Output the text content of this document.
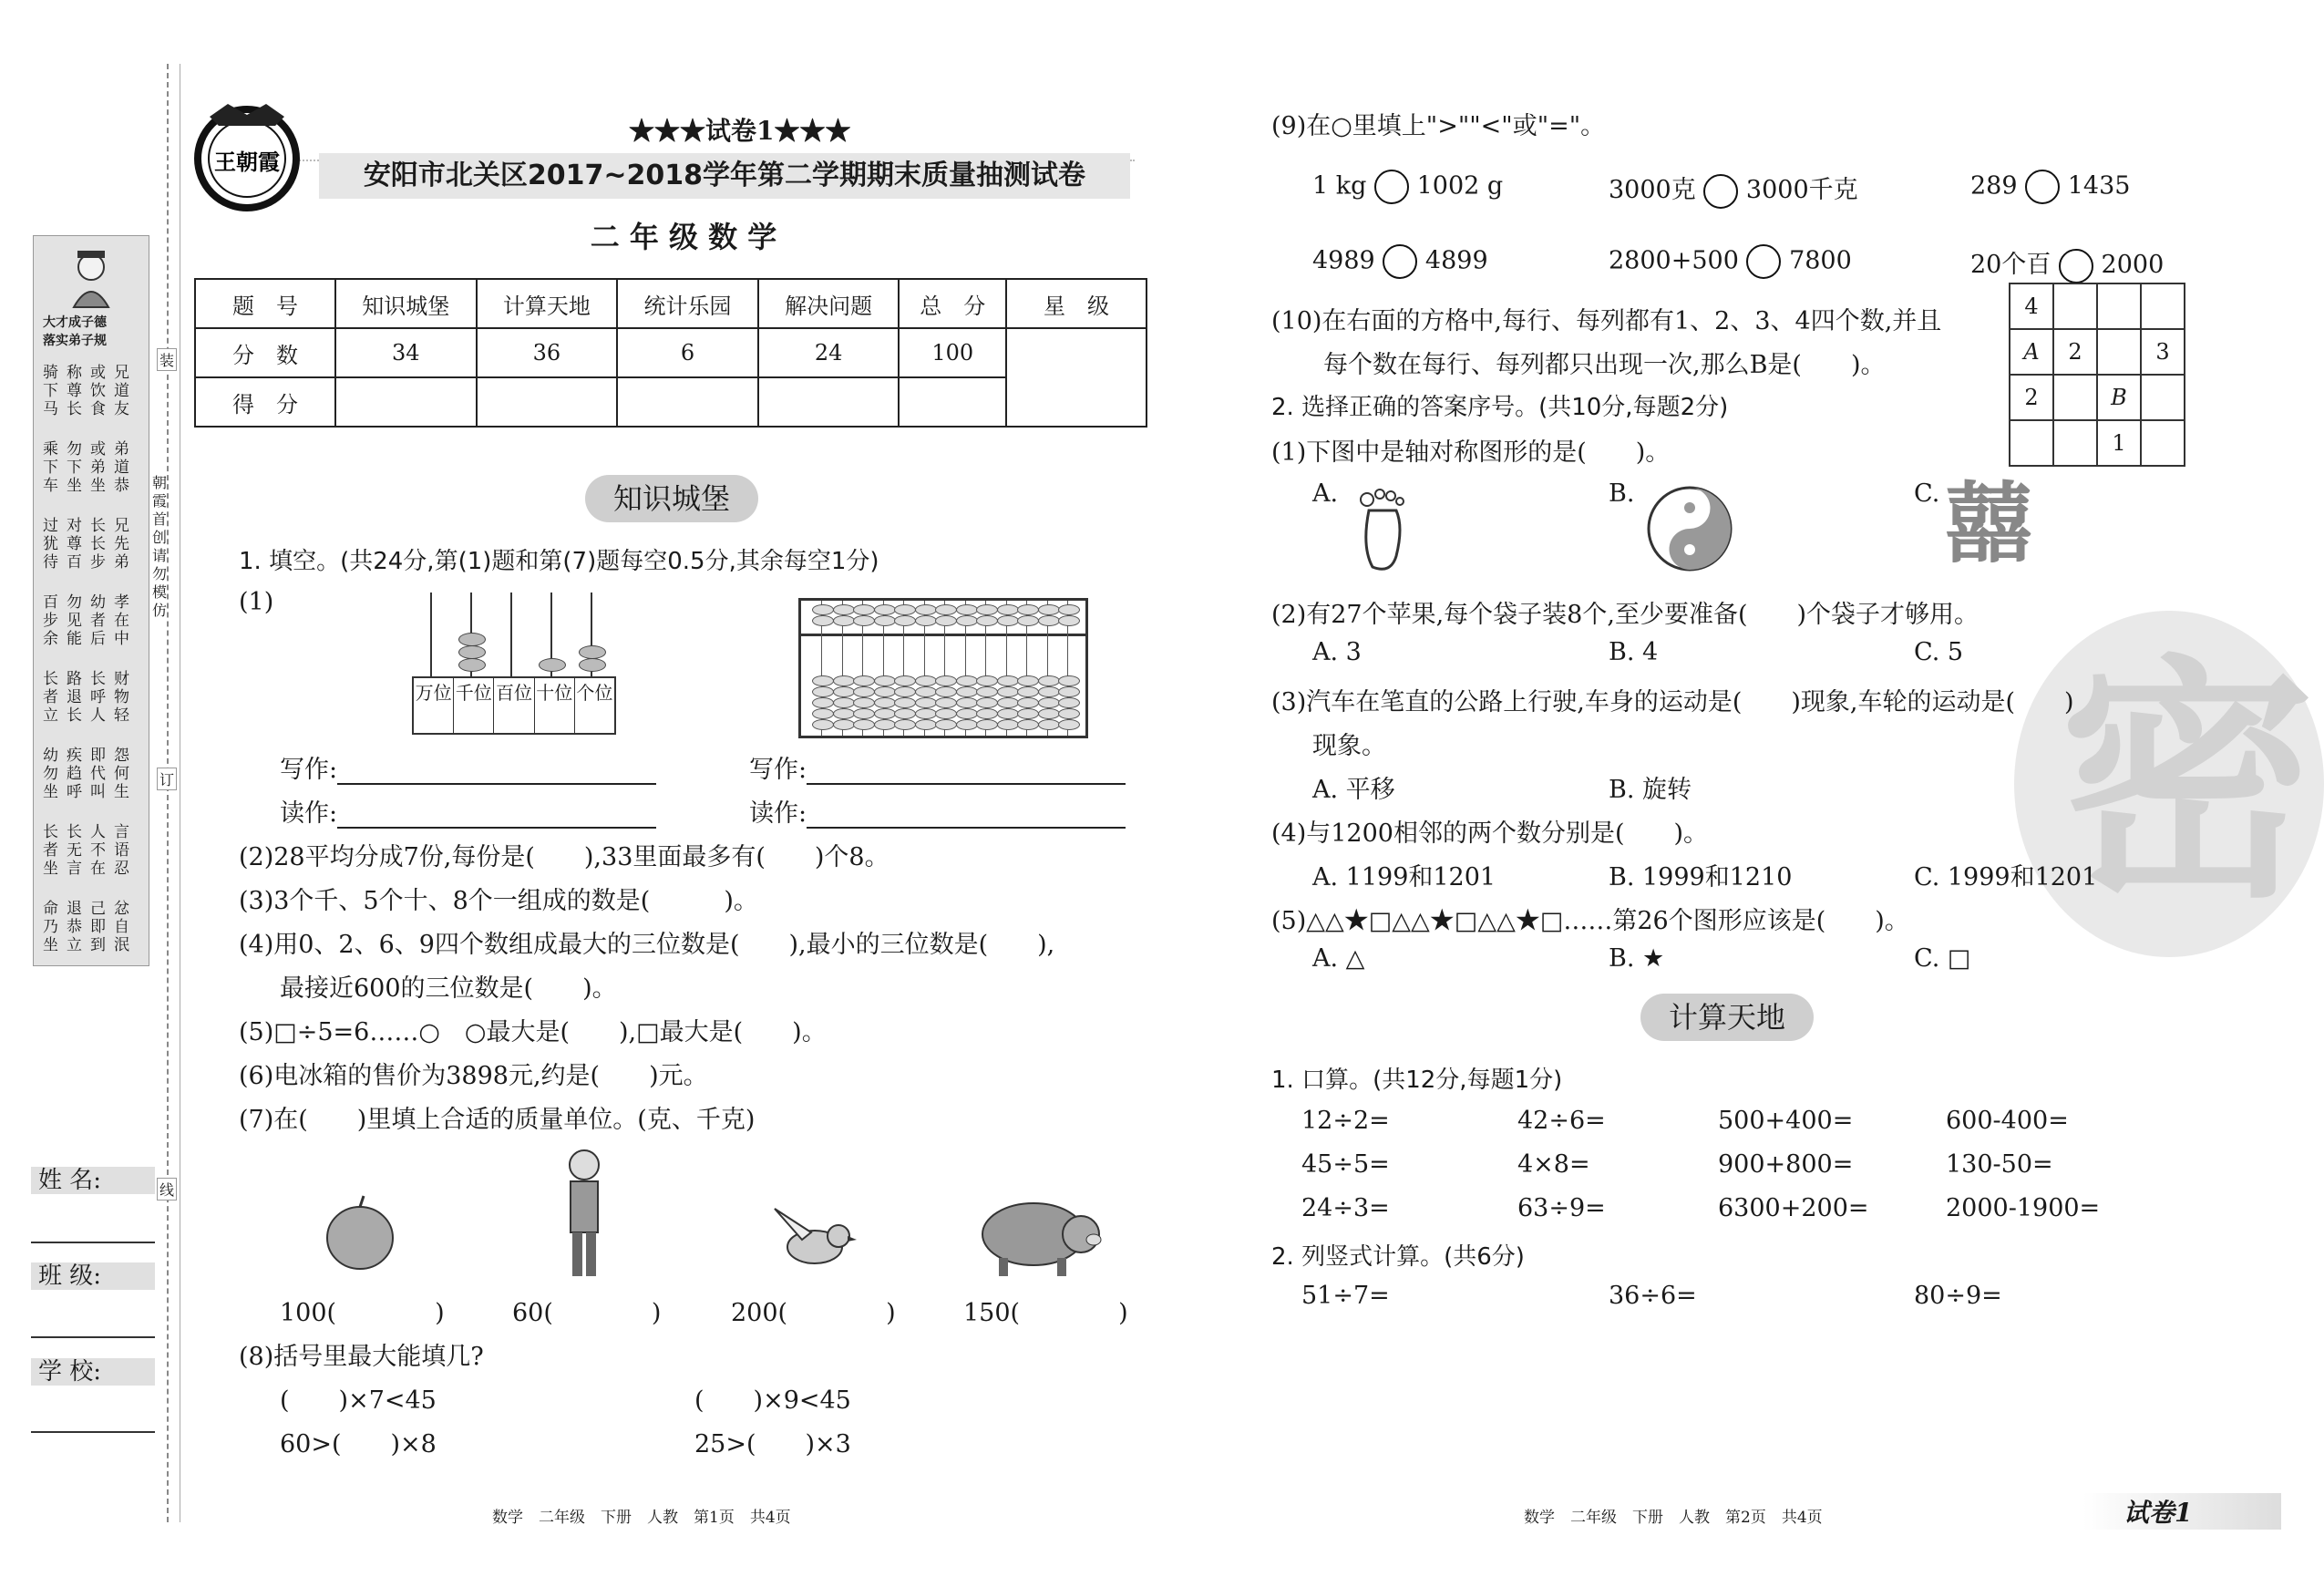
大才成子德
落实弟子规
骑下马
称尊长
或饮食
兄道友
乘下车
勿下坐
或弟坐
弟道恭
过犹待
对尊百
长长步
兄先弟
百步余
勿见能
幼者后
孝在中
长者立
路退长
长呼人
财物轻
幼勿坐
疾趋呼
即代叫
怨何生
长者坐
长无言
人不在
言语忍
命乃坐
退恭立
己即到
忿自泯
装
订
线
朝霞首创　请勿模仿
姓 名:
班 级:
学 校:
王朝霞
★★★试卷1★★★
安阳市北关区2017~2018学年第二学期期末质量抽测试卷
二 年 级 数 学
题　号	知识城堡	计算天地	统计乐园	解决问题	总　分	星　级
分　数	34	36	6	24	100	
得　分						
知识城堡
1. 填空。(共24分,第(1)题和第(7)题每空0.5分,其余每空1分)
(1)
万位 千位 百位 十位 个位
写作:
读作:
写作:
读作:
(2)28平均分成7份,每份是(　　),33里面最多有(　　)个8。
(3)3个千、5个十、8个一组成的数是(　　　)。
(4)用0、2、6、9四个数组成最大的三位数是(　　),最小的三位数是(　　),
最接近600的三位数是(　　)。
(5)□÷5=6……○　○最大是(　　),□最大是(　　)。
(6)电冰箱的售价为3898元,约是(　　)元。
(7)在(　　)里填上合适的质量单位。(克、千克)
100(　　　　)	60(　　　　)	200(　　　　)	150(　　　　)
(8)括号里最大能填几?
(　　)×7<45	(　　)×9<45
60>(　　)×8	25>(　　)×3
数学　二年级　下册　人教　第1页　共4页
密
(9)在○里填上">""<"或"="。
1 kg 1002 g	3000克 3000千克	289 1435
4989 4899	2800+500 7800	20个百 2000
(10)在右面的方格中,每行、每列都有1、2、3、4四个数,并且
每个数在每行、每列都只出现一次,那么B是(　　)。
4			
A	2		3
2		B	
		1	
2. 选择正确的答案序号。(共10分,每题2分)
(1)下图中是轴对称图形的是(　　)。
A.	B.	C. 囍
(2)有27个苹果,每个袋子装8个,至少要准备(　　)个袋子才够用。
A. 3	B. 4	C. 5
(3)汽车在笔直的公路上行驶,车身的运动是(　　)现象,车轮的运动是(　　)
现象。
A. 平移	B. 旋转
(4)与1200相邻的两个数分别是(　　)。
A. 1199和1201	B. 1999和1210	C. 1999和1201
(5)△△★□△△★□△△★□……第26个图形应该是(　　)。
A. △	B. ★	C. □
计算天地
1. 口算。(共12分,每题1分)
12÷2=	42÷6=	500+400=	600-400=
45÷5=	4×8=	900+800=	130-50=
24÷3=	63÷9=	6300+200=	2000-1900=
2. 列竖式计算。(共6分)
51÷7=	36÷6=	80÷9=
数学　二年级　下册　人教　第2页　共4页	试卷1
